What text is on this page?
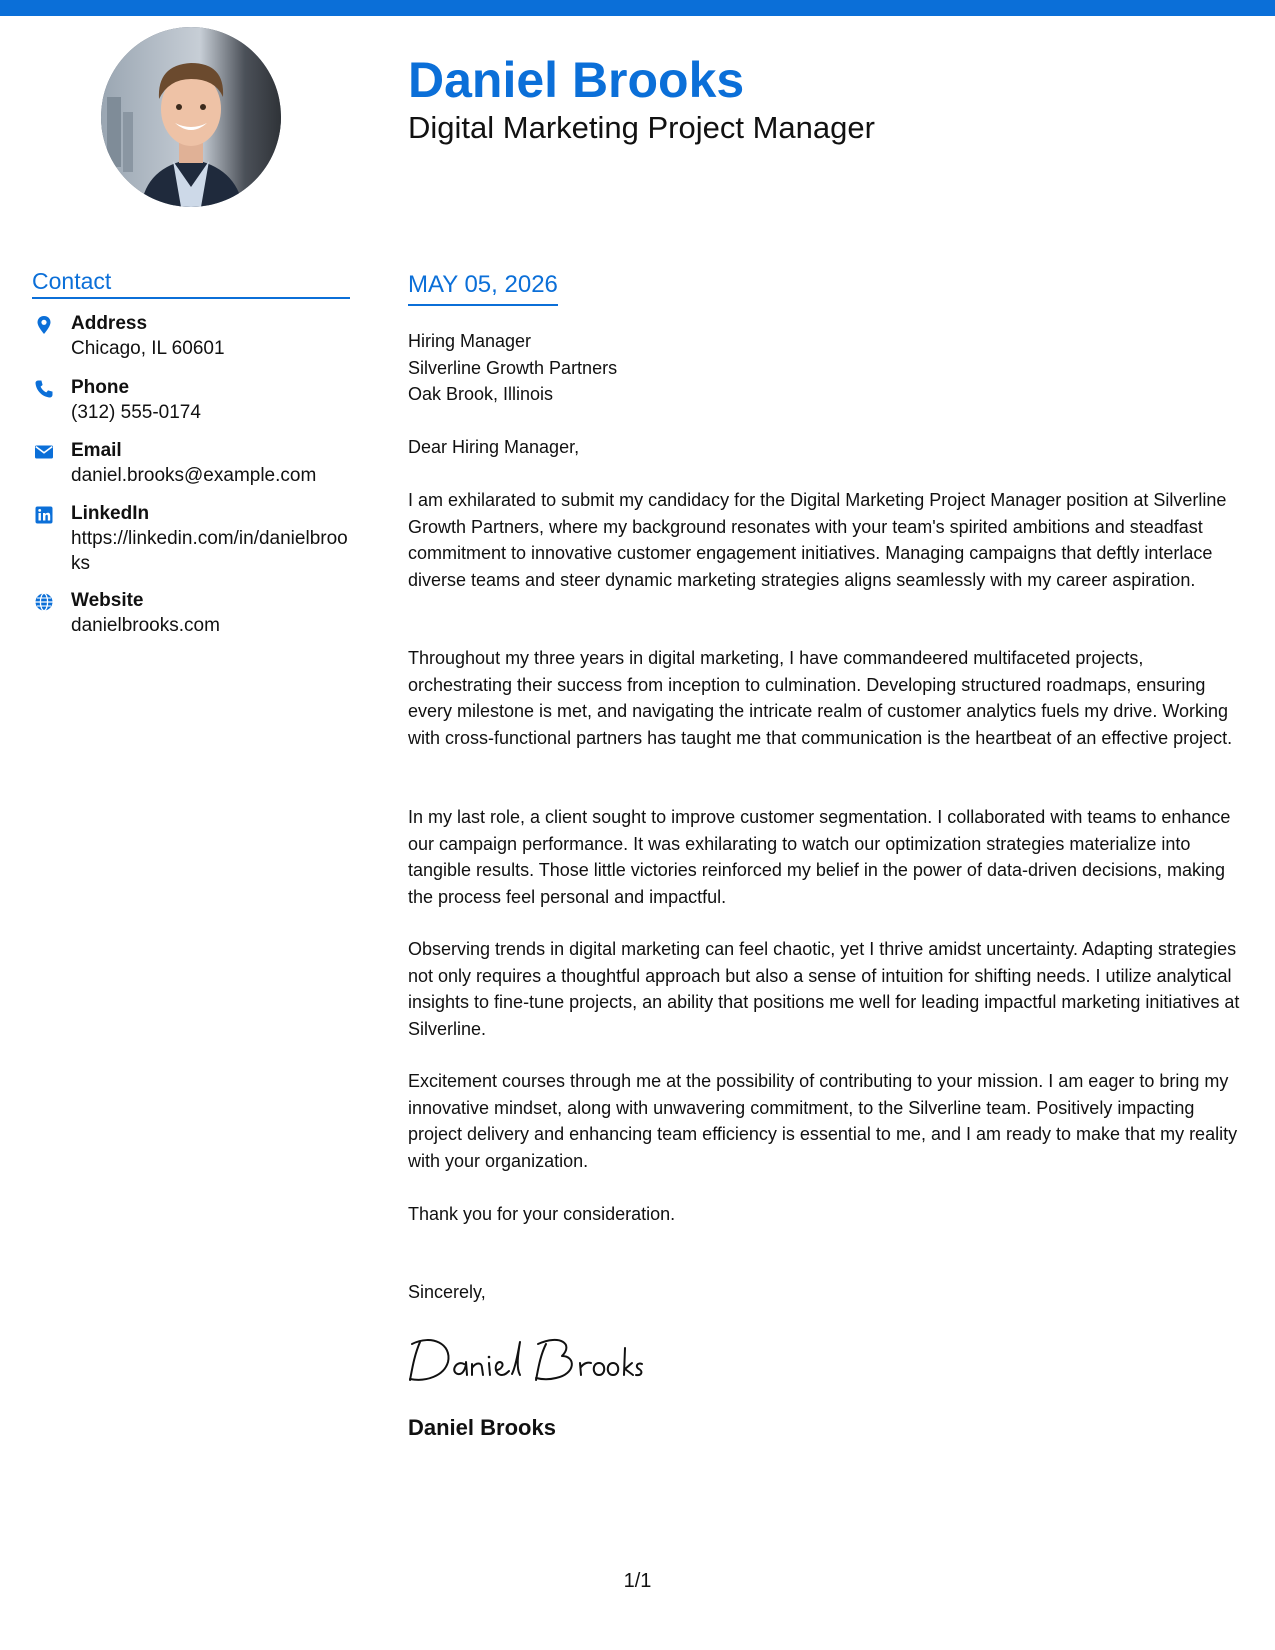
Daniel Brooks
Digital Marketing Project Manager
Contact
Address
Chicago, IL 60601
Phone
(312) 555-0174
Email
daniel.brooks@example.com
LinkedIn
https://linkedin.com/in/danielbrooks
Website
danielbrooks.com
MAY 05, 2026
Hiring Manager
Silverline Growth Partners
Oak Brook, Illinois

Dear Hiring Manager,

I am exhilarated to submit my candidacy for the Digital Marketing Project Manager position at Silverline Growth Partners, where my background resonates with your team's spirited ambitions and steadfast commitment to innovative customer engagement initiatives. Managing campaigns that deftly interlace diverse teams and steer dynamic marketing strategies aligns seamlessly with my career aspiration.

Throughout my three years in digital marketing, I have commandeered multifaceted projects, orchestrating their success from inception to culmination. Developing structured roadmaps, ensuring every milestone is met, and navigating the intricate realm of customer analytics fuels my drive. Working with cross-functional partners has taught me that communication is the heartbeat of an effective project.

In my last role, a client sought to improve customer segmentation. I collaborated with teams to enhance our campaign performance. It was exhilarating to watch our optimization strategies materialize into tangible results. Those little victories reinforced my belief in the power of data-driven decisions, making the process feel personal and impactful.

Observing trends in digital marketing can feel chaotic, yet I thrive amidst uncertainty. Adapting strategies not only requires a thoughtful approach but also a sense of intuition for shifting needs. I utilize analytical insights to fine-tune projects, an ability that positions me well for leading impactful marketing initiatives at Silverline.

Excitement courses through me at the possibility of contributing to your mission. I am eager to bring my innovative mindset, along with unwavering commitment, to the Silverline team. Positively impacting project delivery and enhancing team efficiency is essential to me, and I am ready to make that my reality with your organization.

Thank you for your consideration.

Sincerely,

Daniel Brooks
1/1
